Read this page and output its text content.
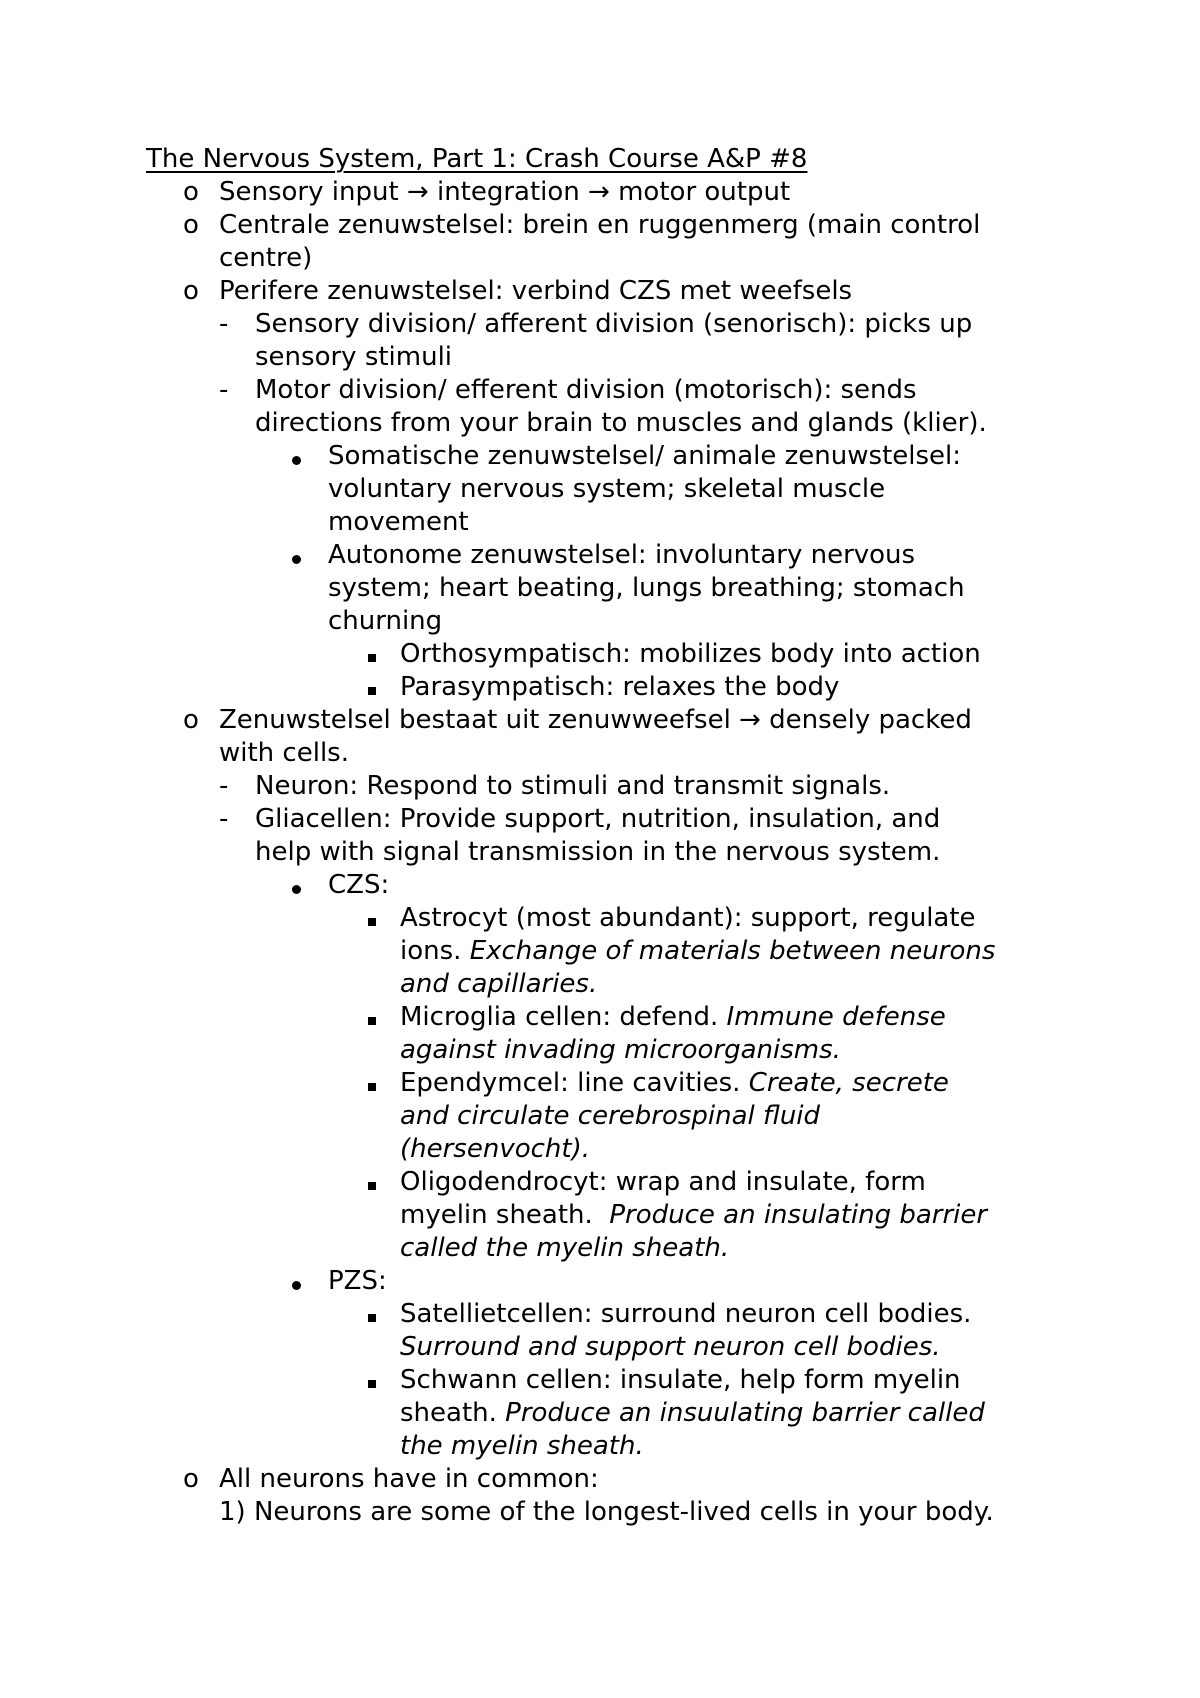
The Nervous System, Part 1: Crash Course A&P #8
o Sensory input → integration → motor output
o Centrale zenuwstelsel: brein en ruggenmerg (main control
centre)
o Perifere zenuwstelsel: verbind CZS met weefsels
- Sensory division/ afferent division (senorisch): picks up
sensory stimuli
- Motor division/ efferent division (motorisch): sends
directions from your brain to muscles and glands (klier).
Somatische zenuwstelsel/ animale zenuwstelsel:
voluntary nervous system; skeletal muscle
movement
Autonome zenuwstelsel: involuntary nervous
system; heart beating, lungs breathing; stomach
churning
Orthosympatisch: mobilizes body into action
Parasympatisch: relaxes the body
o Zenuwstelsel bestaat uit zenuwweefsel → densely packed
with cells.
- Neuron: Respond to stimuli and transmit signals.
- Gliacellen: Provide support, nutrition, insulation, and
help with signal transmission in the nervous system.
CZS:
Astrocyt (most abundant): support, regulate
ions. Exchange of materials between neurons
and capillaries.
Microglia cellen: defend. Immune defense
against invading microorganisms.
Ependymcel: line cavities. Create, secrete
and circulate cerebrospinal fluid
(hersenvocht).
Oligodendrocyt: wrap and insulate, form
myelin sheath.  Produce an insulating barrier
called the myelin sheath.
PZS:
Satellietcellen: surround neuron cell bodies.
Surround and support neuron cell bodies.
Schwann cellen: insulate, help form myelin
sheath. Produce an insuulating barrier called
the myelin sheath.
o All neurons have in common:
1) Neurons are some of the longest-lived cells in your body.
